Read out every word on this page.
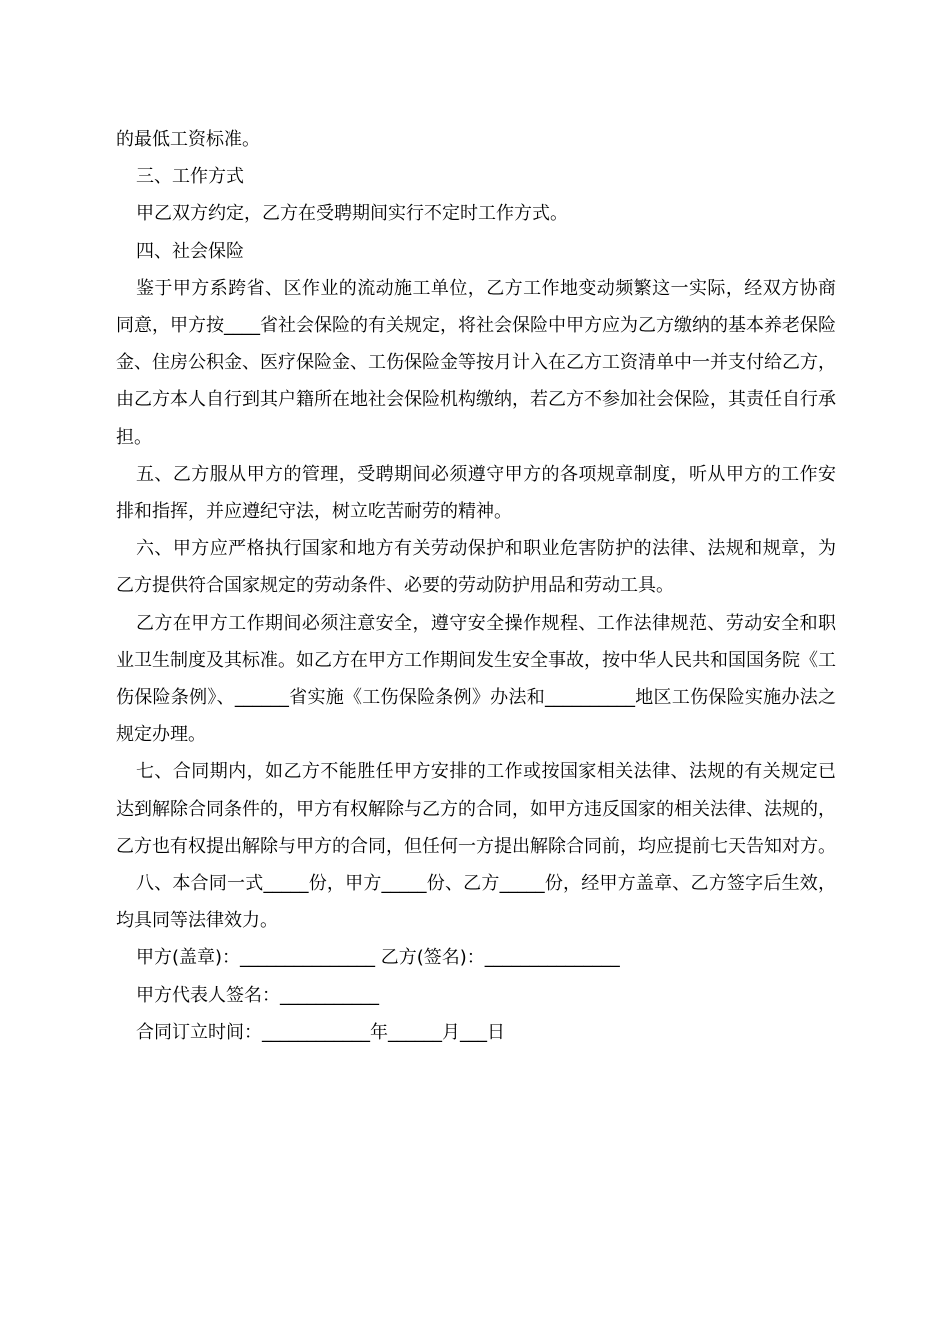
的最低工资标准。

三、工作方式

甲乙双方约定，乙方在受聘期间实行不定时工作方式。

四、社会保险

鉴于甲方系跨省、区作业的流动施工单位，乙方工作地变动频繁这一实际，经双方协商同意，甲方按____省社会保险的有关规定，将社会保险中甲方应为乙方缴纳的基本养老保险金、住房公积金、医疗保险金、工伤保险金等按月计入在乙方工资清单中一并支付给乙方，由乙方本人自行到其户籍所在地社会保险机构缴纳，若乙方不参加社会保险，其责任自行承担。

五、乙方服从甲方的管理，受聘期间必须遵守甲方的各项规章制度，听从甲方的工作安排和指挥，并应遵纪守法，树立吃苦耐劳的精神。

六、甲方应严格执行国家和地方有关劳动保护和职业危害防护的法律、法规和规章，为乙方提供符合国家规定的劳动条件、必要的劳动防护用品和劳动工具。

乙方在甲方工作期间必须注意安全，遵守安全操作规程、工作法律规范、劳动安全和职业卫生制度及其标准。如乙方在甲方工作期间发生安全事故，按中华人民共和国国务院《工伤保险条例》、______省实施《工伤保险条例》办法和__________地区工伤保险实施办法之规定办理。

七、合同期内，如乙方不能胜任甲方安排的工作或按国家相关法律、法规的有关规定已达到解除合同条件的，甲方有权解除与乙方的合同，如甲方违反国家的相关法律、法规的，乙方也有权提出解除与甲方的合同，但任何一方提出解除合同前，均应提前七天告知对方。

八、本合同一式_____份，甲方_____份、乙方_____份，经甲方盖章、乙方签字后生效，均具同等法律效力。

甲方(盖章)：_______________ 乙方(签名)：_______________

甲方代表人签名：___________

合同订立时间：____________年______月___日
